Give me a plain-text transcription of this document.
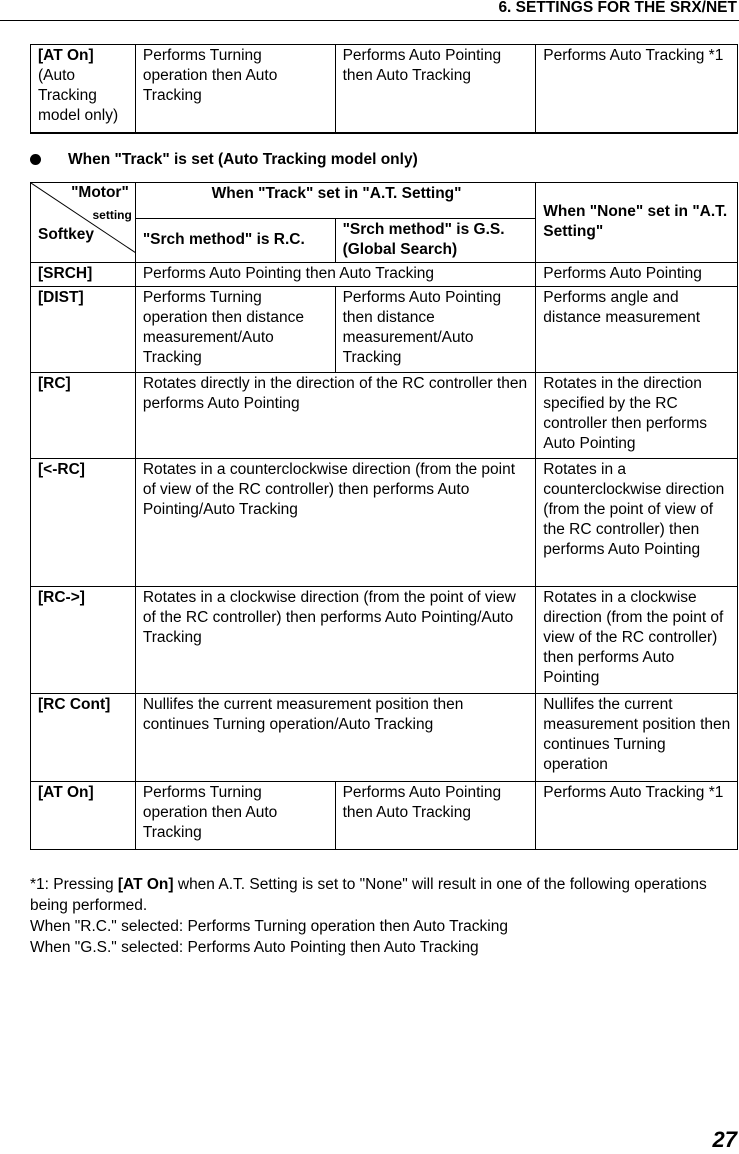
6. SETTINGS FOR THE SRX/NET
[AT On]
(Auto Tracking model only)
	Performs Turning operation then Auto Tracking	Performs Auto Pointing then Auto Tracking	Performs Auto Tracking *1
When "Track" is set (Auto Tracking model only)
"Motor"
setting
Softkey	When "Track" set in "A.T. Setting"		When "None" set in "A.T. Setting"
	"Srch method" is R.C.	"Srch method" is G.S. (Global Search)	
[SRCH]	Performs Auto Pointing then Auto Tracking		Performs Auto Pointing
[DIST]	Performs Turning operation then distance measurement/Auto Tracking	Performs Auto Pointing then distance measurement/Auto Tracking	Performs angle and distance measurement
[RC]	Rotates directly in the direction of the RC controller then performs Auto Pointing		Rotates in the direction specified by the RC controller then performs Auto Pointing
[<-RC]	Rotates in a counterclockwise direction (from the point of view of the RC controller) then performs Auto Pointing/Auto Tracking		Rotates in a counterclockwise direction (from the point of view of the RC controller) then performs Auto Pointing
[RC->]	Rotates in a clockwise direction (from the point of view of the RC controller) then performs Auto Pointing/Auto Tracking		Rotates in a clockwise direction (from the point of view of the RC controller) then performs Auto Pointing
[RC Cont]	Nullifes the current measurement position then continues Turning operation/Auto Tracking		Nullifes the current measurement position then continues Turning operation
[AT On]	Performs Turning operation then Auto Tracking	Performs Auto Pointing then Auto Tracking	Performs Auto Tracking *1
*1: Pressing [AT On] when A.T. Setting is set to "None" will result in one of the following operations
being performed.
When "R.C." selected: Performs Turning operation then Auto Tracking
When "G.S." selected: Performs Auto Pointing then Auto Tracking
27
